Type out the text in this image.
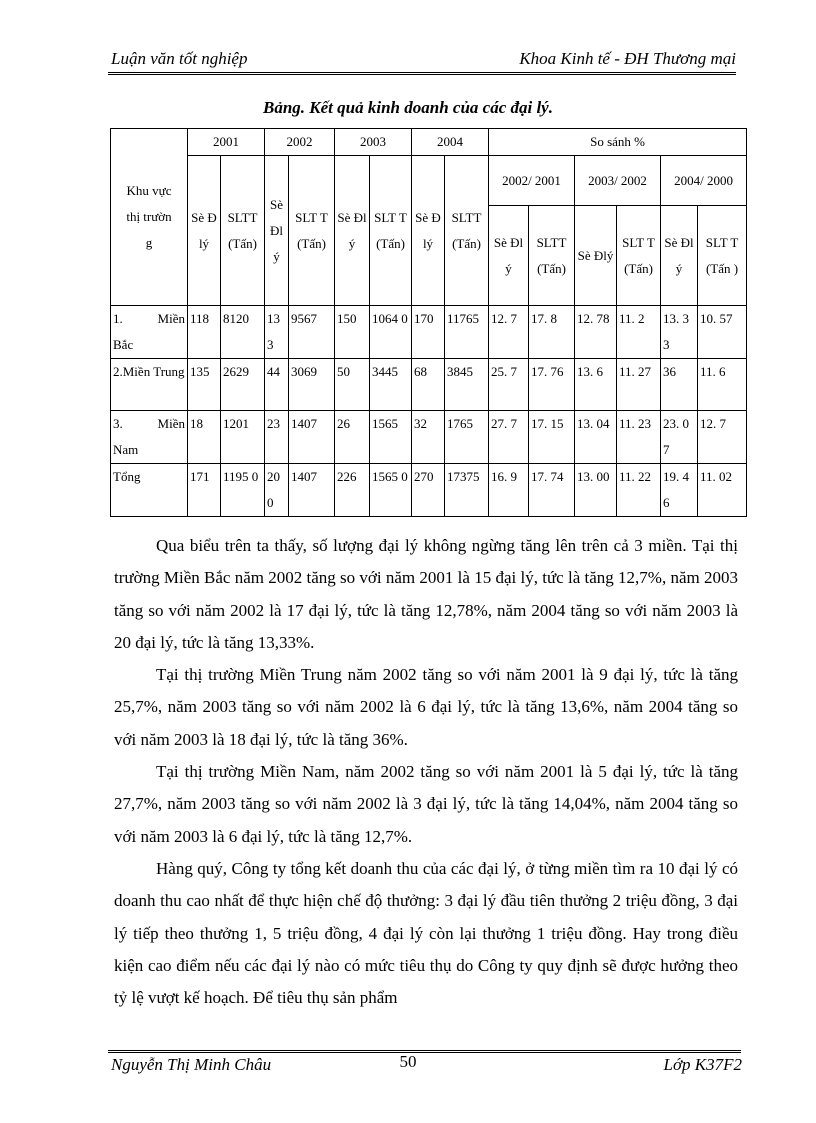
Luận văn tốt nghiệp	Khoa Kinh tế - ĐH Thương mại
Bảng. Kết quả kinh doanh của các đại lý.
Khu vực thị trường	2001		2002		2003		2004		So sánh %					
	Sè Đlý	SLTT (Tấn)	Sè Đl ý	SLT T (Tấn)	Sè Đlý	SLT T (Tấn)	Sè Đlý	SLTT (Tấn)	2002/ 2001		2003/ 2002		2004/ 2000	
									Sè Đlý	SLTT (Tấn)	Sè Đlý	SLT T (Tấn)	Sè Đlý	SLT T (Tấn )

1. Miền
Bắc	118	8120	13 3	9567	150	1064 0	170	11765	12. 7	17. 8	12. 78	11. 2	13. 33	10. 57
2.Miền Trung	135	2629	44	3069	50	3445	68	3845	25. 7	17. 76	13. 6	11. 27	36	11. 6

3. Miền
Nam	18	1201	23	1407	26	1565	32	1765	27. 7	17. 15	13. 04	11. 23	23. 07	12. 7
Tổng	171	1195 0	20 0	1407	226	1565 0	270	17375	16. 9	17. 74	13. 00	11. 22	19. 46	11. 02

Qua biểu trên ta thấy, số lượng đại lý không ngừng tăng lên trên cả 3 miền. Tại thị trường Miền Bắc năm 2002 tăng so với năm 2001 là 15 đại lý, tức là tăng 12,7%, năm 2003 tăng so với năm 2002 là 17 đại lý, tức là tăng 12,78%, năm 2004 tăng so với năm 2003 là 20 đại lý, tức là tăng 13,33%.

Tại thị trường Miền Trung năm 2002 tăng so với năm 2001 là 9 đại lý, tức là tăng 25,7%, năm 2003 tăng so với năm 2002 là 6 đại lý, tức là tăng 13,6%, năm 2004 tăng so với năm 2003 là 18 đại lý, tức là tăng 36%.

Tại thị trường Miền Nam, năm 2002 tăng so với năm 2001 là 5 đại lý, tức là tăng 27,7%, năm 2003 tăng so với năm 2002 là 3 đại lý, tức là tăng 14,04%, năm 2004 tăng so với năm 2003 là 6 đại lý, tức là tăng 12,7%.

Hàng quý, Công ty tổng kết doanh thu của các đại lý, ở từng miền tìm ra 10 đại lý có doanh thu cao nhất để thực hiện chế độ thưởng: 3 đại lý đầu tiên thưởng 2 triệu đồng, 3 đại lý tiếp theo thưởng 1, 5 triệu đồng, 4 đại lý còn lại thưởng 1 triệu đồng. Hay trong điều kiện cao điểm nếu các đại lý nào có mức tiêu thụ do Công ty quy định sẽ được hưởng theo tỷ lệ vượt kế hoạch. Để tiêu thụ sản phẩm

Nguyễn Thị Minh Châu	50	Lớp K37F2
